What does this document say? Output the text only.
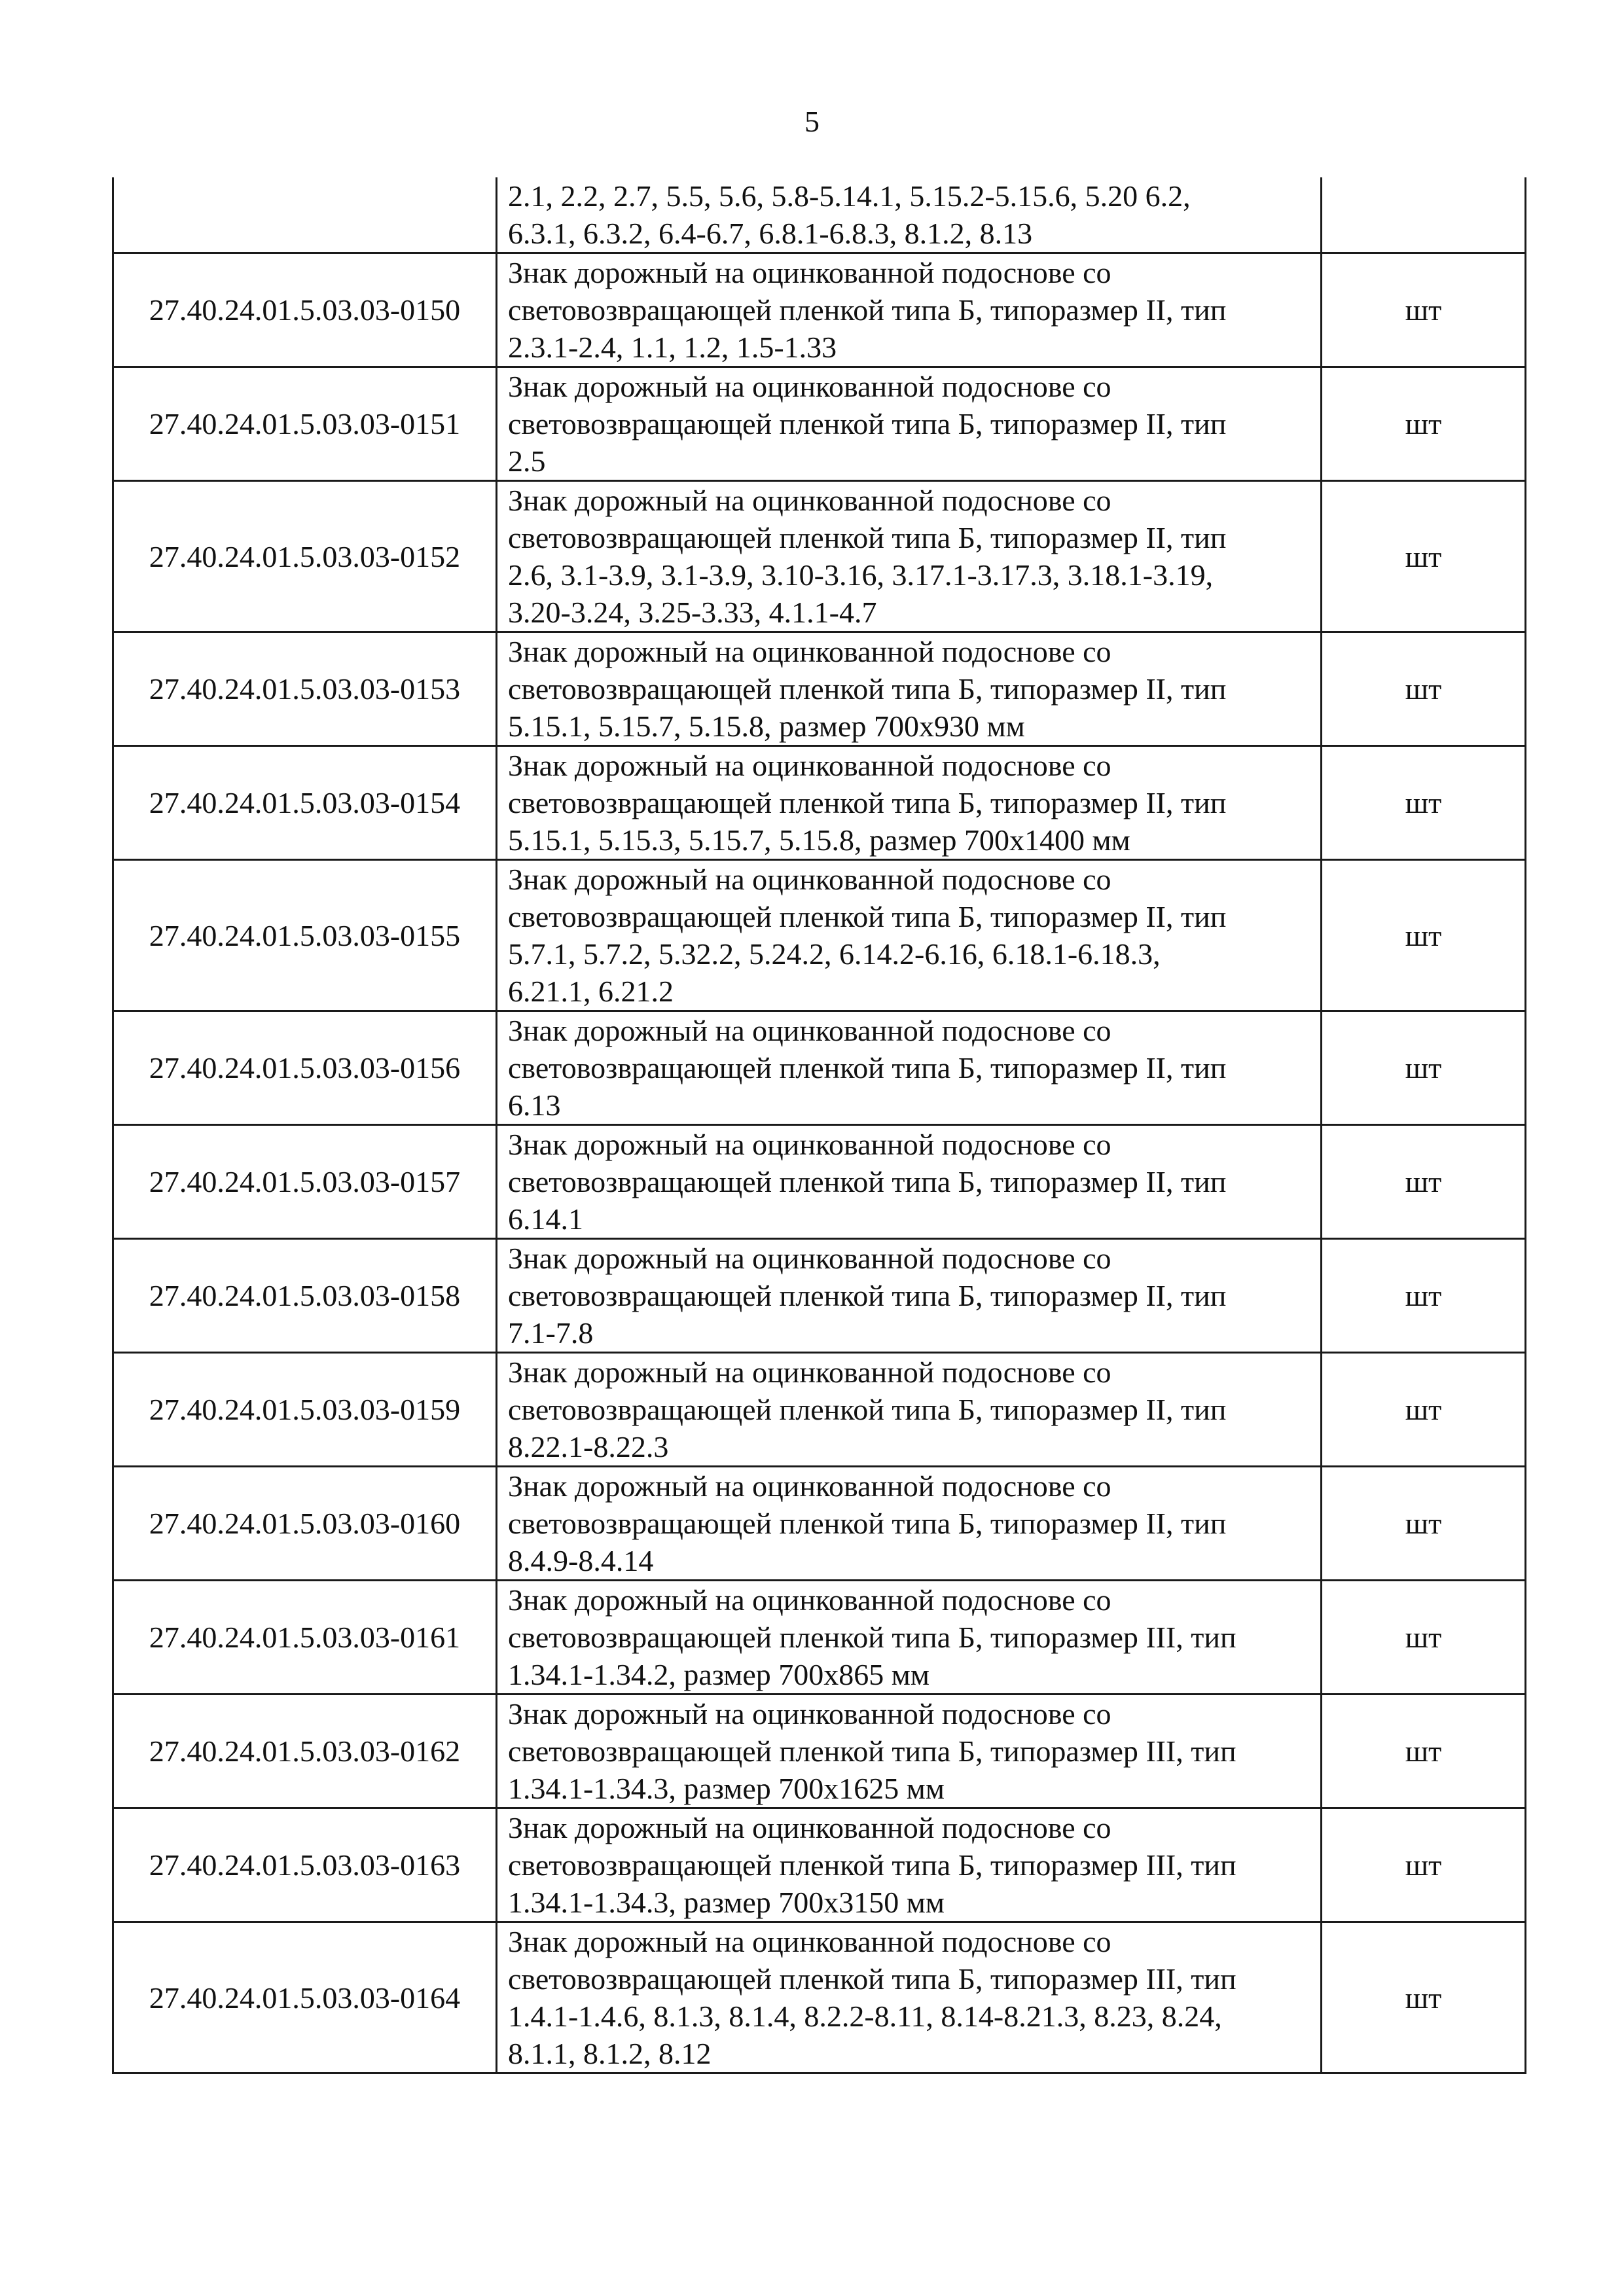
5

	2.1, 2.2, 2.7, 5.5, 5.6, 5.8-5.14.1, 5.15.2-5.15.6, 5.20 6.2,
6.3.1, 6.3.2, 6.4-6.7, 6.8.1-6.8.3, 8.1.2, 8.13	

27.40.24.01.5.03.03-0150	Знак дорожный на оцинкованной подоснове со
световозвращающей пленкой типа Б, типоразмер II, тип
2.3.1-2.4, 1.1, 1.2, 1.5-1.33	шт
27.40.24.01.5.03.03-0151	Знак дорожный на оцинкованной подоснове со
световозвращающей пленкой типа Б, типоразмер II, тип
2.5	шт
27.40.24.01.5.03.03-0152	Знак дорожный на оцинкованной подоснове со
световозвращающей пленкой типа Б, типоразмер II, тип
2.6, 3.1-3.9, 3.1-3.9, 3.10-3.16, 3.17.1-3.17.3, 3.18.1-3.19,
3.20-3.24, 3.25-3.33, 4.1.1-4.7	шт
27.40.24.01.5.03.03-0153	Знак дорожный на оцинкованной подоснове со
световозвращающей пленкой типа Б, типоразмер II, тип
5.15.1, 5.15.7, 5.15.8, размер 700х930 мм	шт
27.40.24.01.5.03.03-0154	Знак дорожный на оцинкованной подоснове со
световозвращающей пленкой типа Б, типоразмер II, тип
5.15.1, 5.15.3, 5.15.7, 5.15.8, размер 700х1400 мм	шт
27.40.24.01.5.03.03-0155	Знак дорожный на оцинкованной подоснове со
световозвращающей пленкой типа Б, типоразмер II, тип
5.7.1, 5.7.2, 5.32.2, 5.24.2, 6.14.2-6.16, 6.18.1-6.18.3,
6.21.1, 6.21.2	шт
27.40.24.01.5.03.03-0156	Знак дорожный на оцинкованной подоснове со
световозвращающей пленкой типа Б, типоразмер II, тип
6.13	шт
27.40.24.01.5.03.03-0157	Знак дорожный на оцинкованной подоснове со
световозвращающей пленкой типа Б, типоразмер II, тип
6.14.1	шт
27.40.24.01.5.03.03-0158	Знак дорожный на оцинкованной подоснове со
световозвращающей пленкой типа Б, типоразмер II, тип
7.1-7.8	шт
27.40.24.01.5.03.03-0159	Знак дорожный на оцинкованной подоснове со
световозвращающей пленкой типа Б, типоразмер II, тип
8.22.1-8.22.3	шт
27.40.24.01.5.03.03-0160	Знак дорожный на оцинкованной подоснове со
световозвращающей пленкой типа Б, типоразмер II, тип
8.4.9-8.4.14	шт
27.40.24.01.5.03.03-0161	Знак дорожный на оцинкованной подоснове со
световозвращающей пленкой типа Б, типоразмер III, тип
1.34.1-1.34.2, размер 700х865 мм	шт
27.40.24.01.5.03.03-0162	Знак дорожный на оцинкованной подоснове со
световозвращающей пленкой типа Б, типоразмер III, тип
1.34.1-1.34.3, размер 700х1625 мм	шт
27.40.24.01.5.03.03-0163	Знак дорожный на оцинкованной подоснове со
световозвращающей пленкой типа Б, типоразмер III, тип
1.34.1-1.34.3, размер 700х3150 мм	шт
27.40.24.01.5.03.03-0164	Знак дорожный на оцинкованной подоснове со
световозвращающей пленкой типа Б, типоразмер III, тип
1.4.1-1.4.6, 8.1.3, 8.1.4, 8.2.2-8.11, 8.14-8.21.3, 8.23, 8.24,
8.1.1, 8.1.2, 8.12	шт
